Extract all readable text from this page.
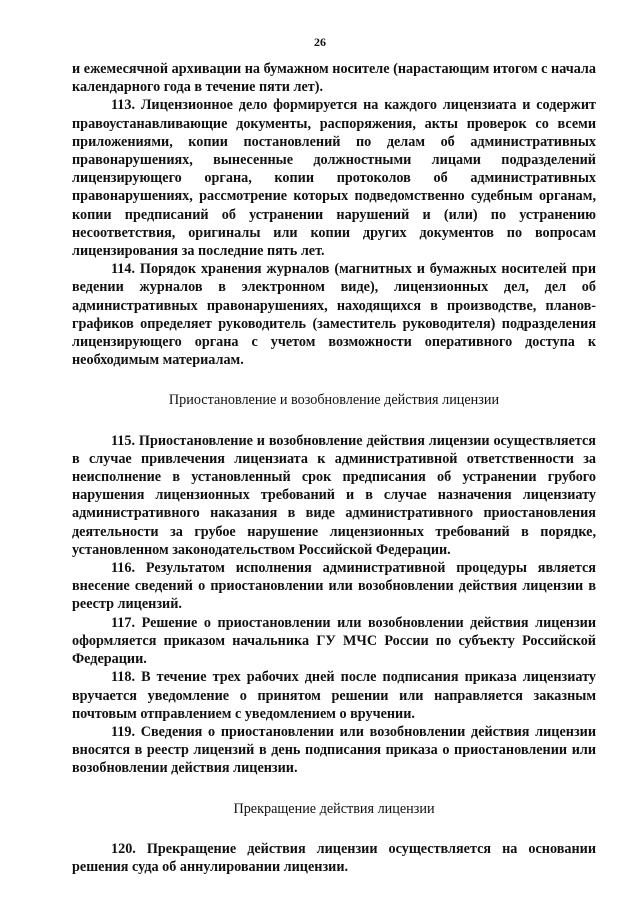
26

и ежемесячной архивации на бумажном носителе (нарастающим итогом с начала календарного года в течение пяти лет).

113. Лицензионное дело формируется на каждого лицензиата и содержит правоустанавливающие документы, распоряжения, акты проверок со всеми приложениями, копии постановлений по делам об административных правонарушениях, вынесенные должностными лицами подразделений лицензирующего органа, копии протоколов об административных правонарушениях, рассмотрение которых подведомственно судебным органам, копии предписаний об устранении нарушений и (или) по устранению несоответствия, оригиналы или копии других документов по вопросам лицензирования за последние пять лет.

114. Порядок хранения журналов (магнитных и бумажных носителей при ведении журналов в электронном виде), лицензионных дел, дел об административных правонарушениях, находящихся в производстве, планов-графиков определяет руководитель (заместитель руководителя) подразделения лицензирующего органа с учетом возможности оперативного доступа к необходимым материалам.

Приостановление и возобновление действия лицензии

115. Приостановление и возобновление действия лицензии осуществляется в случае привлечения лицензиата к административной ответственности за неисполнение в установленный срок предписания об устранении грубого нарушения лицензионных требований и в случае назначения лицензиату административного наказания в виде административного приостановления деятельности за грубое нарушение лицензионных требований в порядке, установленном законодательством Российской Федерации.

116. Результатом исполнения административной процедуры является внесение сведений о приостановлении или возобновлении действия лицензии в реестр лицензий.

117. Решение о приостановлении или возобновлении действия лицензии оформляется приказом начальника ГУ МЧС России по субъекту Российской Федерации.

118. В течение трех рабочих дней после подписания приказа лицензиату вручается уведомление о принятом решении или направляется заказным почтовым отправлением с уведомлением о вручении.

119. Сведения о приостановлении или возобновлении действия лицензии вносятся в реестр лицензий в день подписания приказа о приостановлении или возобновлении действия лицензии.

Прекращение действия лицензии

120. Прекращение действия лицензии осуществляется на основании решения суда об аннулировании лицензии.
